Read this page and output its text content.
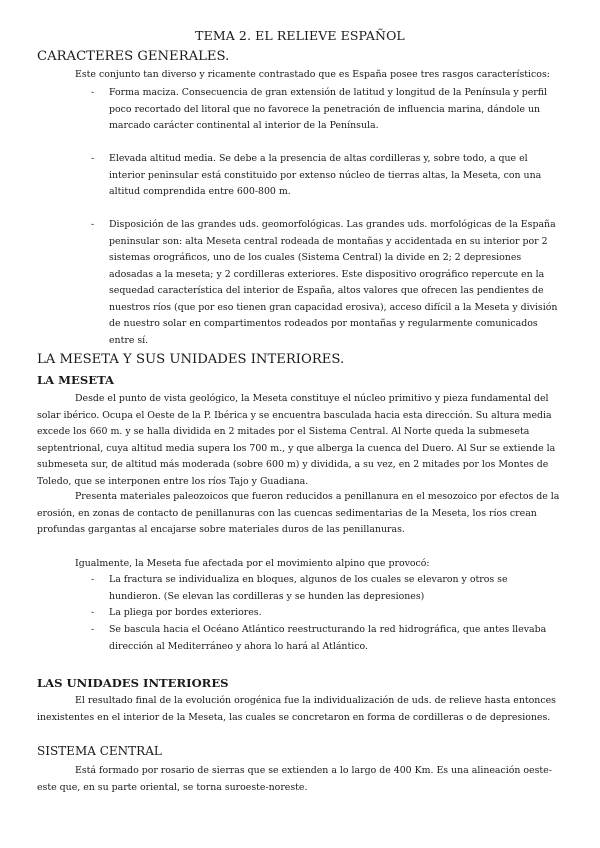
TEMA 2. EL RELIEVE ESPAÑOL
CARACTERES GENERALES.

Este conjunto tan diverso y ricamente contrastado que es España posee tres rasgos característicos:

- Forma maciza. Consecuencia de gran extensión de latitud y longitud de la Península y perfil poco recortado del litoral que no favorece la penetración de influencia marina, dándole un marcado carácter continental al interior de la Península.

- Elevada altitud media. Se debe a la presencia de altas cordilleras y, sobre todo, a que el interior peninsular está constituido por extenso núcleo de tierras altas, la Meseta, con una altitud comprendida entre 600-800 m.

- Disposición de las grandes uds. geomorfológicas. Las grandes uds. morfológicas de la España peninsular son: alta Meseta central rodeada de montañas y accidentada en su interior por 2 sistemas orográficos, uno de los cuales (Sistema Central) la divide en 2; 2 depresiones adosadas a la meseta; y 2 cordilleras exteriores. Este dispositivo orográfico repercute en la sequedad característica del interior de España, altos valores que ofrecen las pendientes de nuestros ríos (que por eso tienen gran capacidad erosiva), acceso difícil a la Meseta y división de nuestro solar en compartimentos rodeados por montañas y regularmente comunicados entre sí.

LA MESETA Y SUS UNIDADES INTERIORES.
LA MESETA

Desde el punto de vista geológico, la Meseta constituye el núcleo primitivo y pieza fundamental del solar ibérico. Ocupa el Oeste de la P. Ibérica y se encuentra basculada hacia esta dirección. Su altura media excede los 660 m. y se halla dividida en 2 mitades por el Sistema Central. Al Norte queda la submeseta septentrional, cuya altitud media supera los 700 m., y que alberga la cuenca del Duero. Al Sur se extiende la submeseta sur, de altitud más moderada (sobre 600 m) y dividida, a su vez, en 2 mitades por los Montes de Toledo, que se interponen entre los ríos Tajo y Guadiana.

Presenta materiales paleozoicos que fueron reducidos a penillanura en el mesozoico por efectos de la erosión, en zonas de contacto de penillanuras con las cuencas sedimentarias de la Meseta, los ríos crean profundas gargantas al encajarse sobre materiales duros de las penillanuras.

Igualmente, la Meseta fue afectada por el movimiento alpino que provocó:

- La fractura se individualiza en bloques, algunos de los cuales se elevaron y otros se hundieron. (Se elevan las cordilleras y se hunden las depresiones)

- La pliega por bordes exteriores.

- Se bascula hacia el Océano Atlántico reestructurando la red hidrográfica, que antes llevaba dirección al Mediterráneo y ahora lo hará al Atlántico.

LAS UNIDADES INTERIORES

El resultado final de la evolución orogénica fue la individualización de uds. de relieve hasta entonces inexistentes en el interior de la Meseta, las cuales se concretaron en forma de cordilleras o de depresiones.

SISTEMA CENTRAL

Está formado por rosario de sierras que se extienden a lo largo de 400 Km. Es una alineación oeste-este que, en su parte oriental, se torna suroeste-noreste.
